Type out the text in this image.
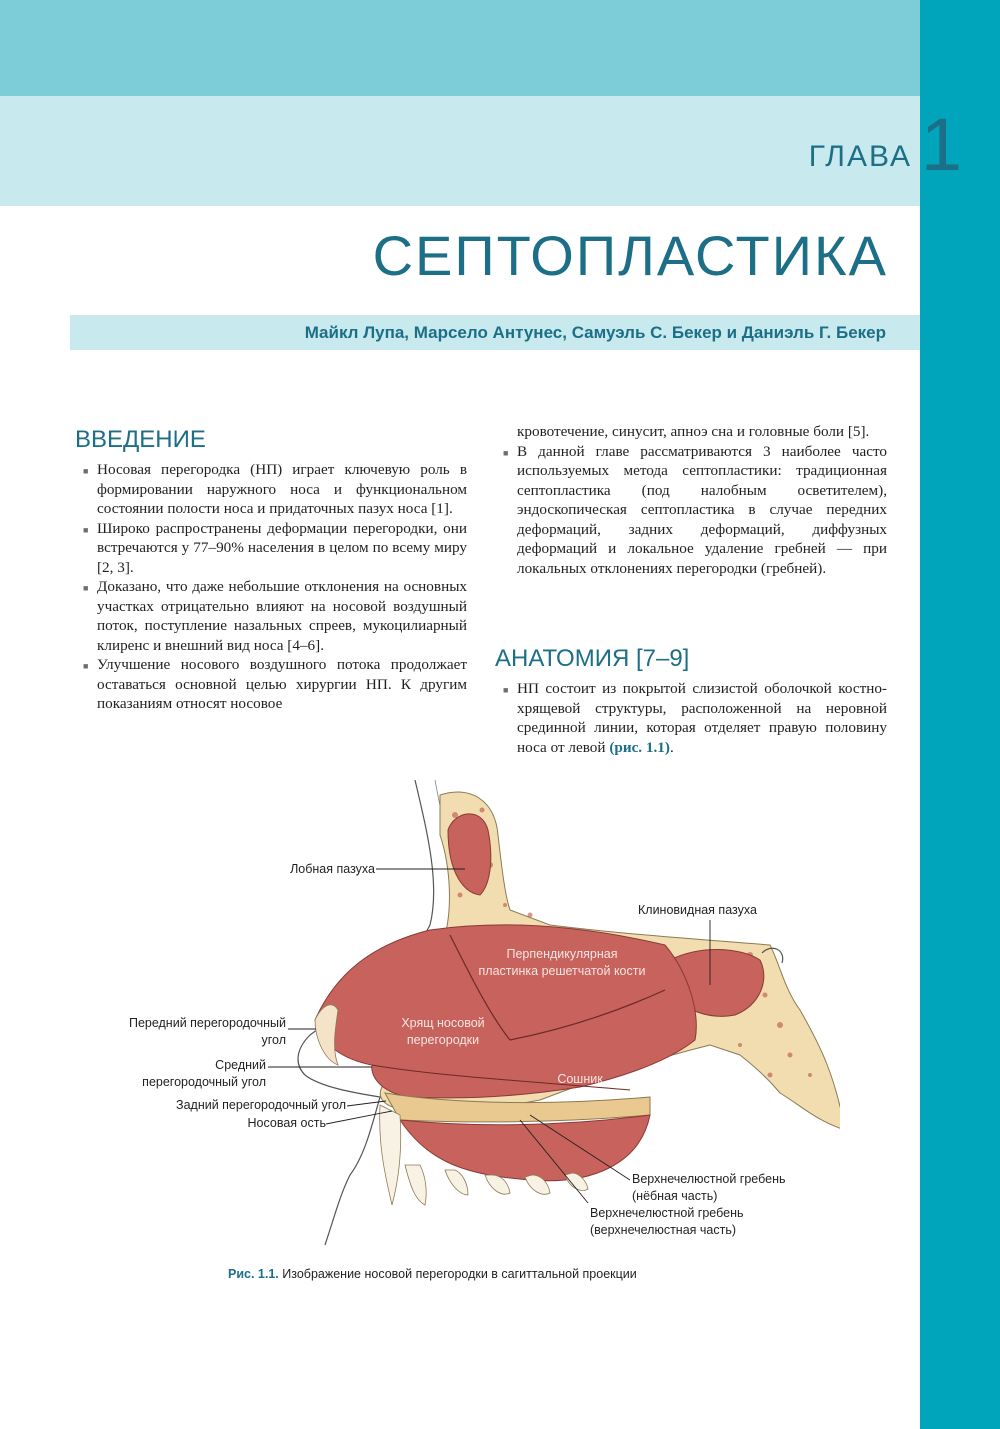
ГЛАВА 1
СЕПТОПЛАСТИКА
Майкл Лупа, Марсело Антунес, Самуэль С. Бекер и Даниэль Г. Бекер
ВВЕДЕНИЕ
■ Носовая перегородка (НП) играет ключевую роль в формировании наружного носа и функциональном состоянии полости носа и придаточных пазух носа [1].
■ Широко распространены деформации перегородки, они встречаются у 77–90% населения в целом по всему миру [2, 3].
■ Доказано, что даже небольшие отклонения на основных участках отрицательно влияют на носовой воздушный поток, поступление назальных спреев, мукоцилиарный клиренс и внешний вид носа [4–6].
■ Улучшение носового воздушного потока продолжает оставаться основной целью хирургии НП. К другим показаниям относят носовое
кровотечение, синусит, апноэ сна и головные боли [5].
■ В данной главе рассматриваются 3 наиболее часто используемых метода септопластики: традиционная септопластика (под налобным осветителем), эндоскопическая септопластика в случае передних деформаций, задних деформаций, диффузных деформаций и локальное удаление гребней — при локальных отклонениях перегородки (гребней).
АНАТОМИЯ [7–9]
■ НП состоит из покрытой слизистой оболочкой костно-хрящевой структуры, расположенной на неровной срединной линии, которая отделяет правую половину носа от левой (рис. 1.1).
Лобная пазуха
Клиновидная пазуха
Перпендикулярная пластинка решетчатой кости
Хрящ носовой перегородки
Сошник
Передний перегородочный угол
Средний перегородочный угол
Задний перегородочный угол
Носовая ость
Верхнечелюстной гребень (нёбная часть)
Верхнечелюстной гребень (верхнечелюстная часть)
Рис. 1.1. Изображение носовой перегородки в сагиттальной проекции
